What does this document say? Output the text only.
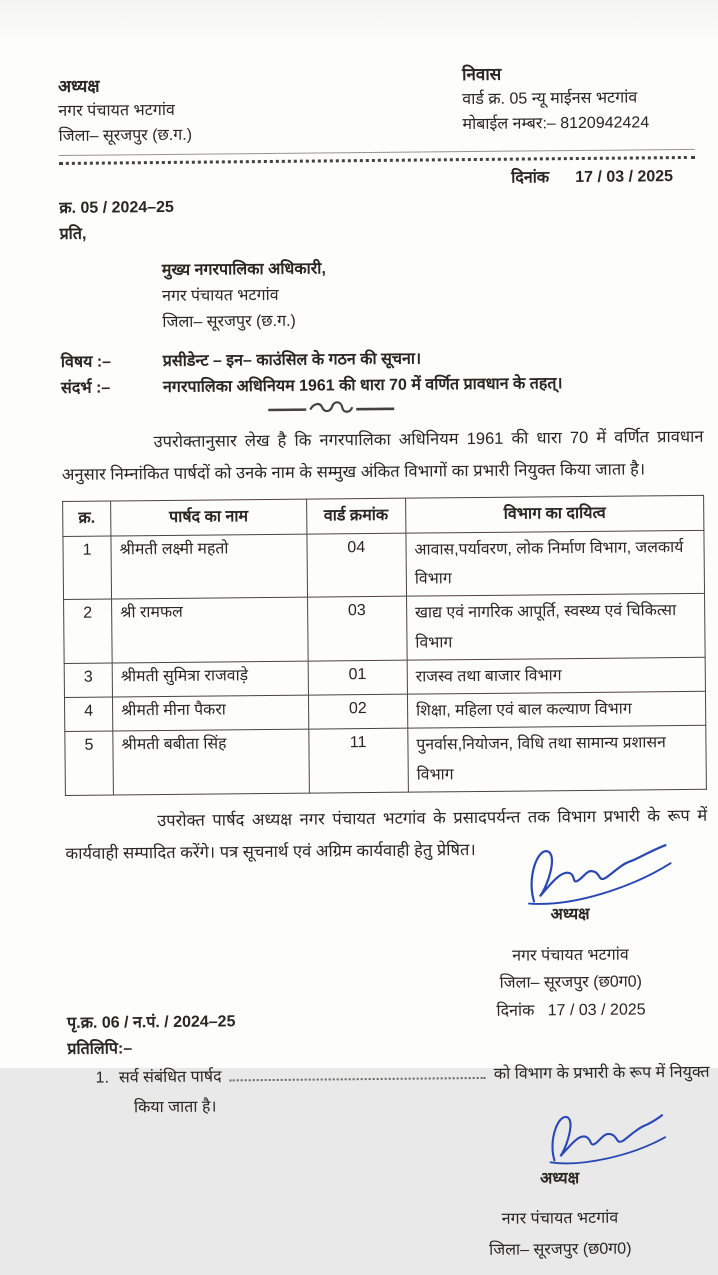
अध्यक्ष
नगर पंचायत भटगांव
जिला– सूरजपुर (छ.ग.)
निवास
वार्ड क्र. 05 न्यू माईनस भटगांव
मोबाईल नम्बर:– 8120942424
दिनांक 17 / 03 / 2025
क्र. 05 / 2024–25
प्रति,
मुख्य नगरपालिका अधिकारी,
नगर पंचायत भटगांव
जिला– सूरजपुर (छ.ग.)
विषय :–	प्रसीडेन्ट – इन– काउंसिल के गठन की सूचना।
संदर्भ :–	नगरपालिका अधिनियम 1961 की धारा 70 में वर्णित प्रावधान के तहत्।
उपरोक्तानुसार लेख है कि नगरपालिका अधिनियम 1961 की धारा 70 में वर्णित प्रावधान अनुसार निम्नांकित पार्षदों को उनके नाम के सम्मुख अंकित विभागों का प्रभारी नियुक्त किया जाता है।
क्र.	पार्षद का नाम	वार्ड क्रमांक	विभाग का दायित्व
1	श्रीमती लक्ष्मी महतो	04	आवास,पर्यावरण, लोक निर्माण विभाग, जलकार्य विभाग
2	श्री रामफल	03	खाद्य एवं नागरिक आपूर्ति, स्वस्थ्य एवं चिकित्सा विभाग
3	श्रीमती सुमित्रा राजवाड़े	01	राजस्व तथा बाजार विभाग
4	श्रीमती मीना पैकरा	02	शिक्षा, महिला एवं बाल कल्याण विभाग
5	श्रीमती बबीता सिंह	11	पुनर्वास,नियोजन, विधि तथा सामान्य प्रशासन विभाग
उपरोक्त पार्षद अध्यक्ष नगर पंचायत भटगांव के प्रसादपर्यन्त तक विभाग प्रभारी के रूप में कार्यवाही सम्पादित करेंगे। पत्र सूचनार्थ एवं अग्रिम कार्यवाही हेतु प्रेषित।
अध्यक्ष
नगर पंचायत भटगांव
जिला– सूरजपुर (छ0ग0)
दिनांक 17 / 03 / 2025
पृ.क्र. 06 / न.पं. / 2024–25
प्रतिलिपि:–
1. सर्व संबंधित पार्षद	को विभाग के प्रभारी के रूप में नियुक्त
किया जाता है।
अध्यक्ष
नगर पंचायत भटगांव
जिला– सूरजपुर (छ0ग0)
